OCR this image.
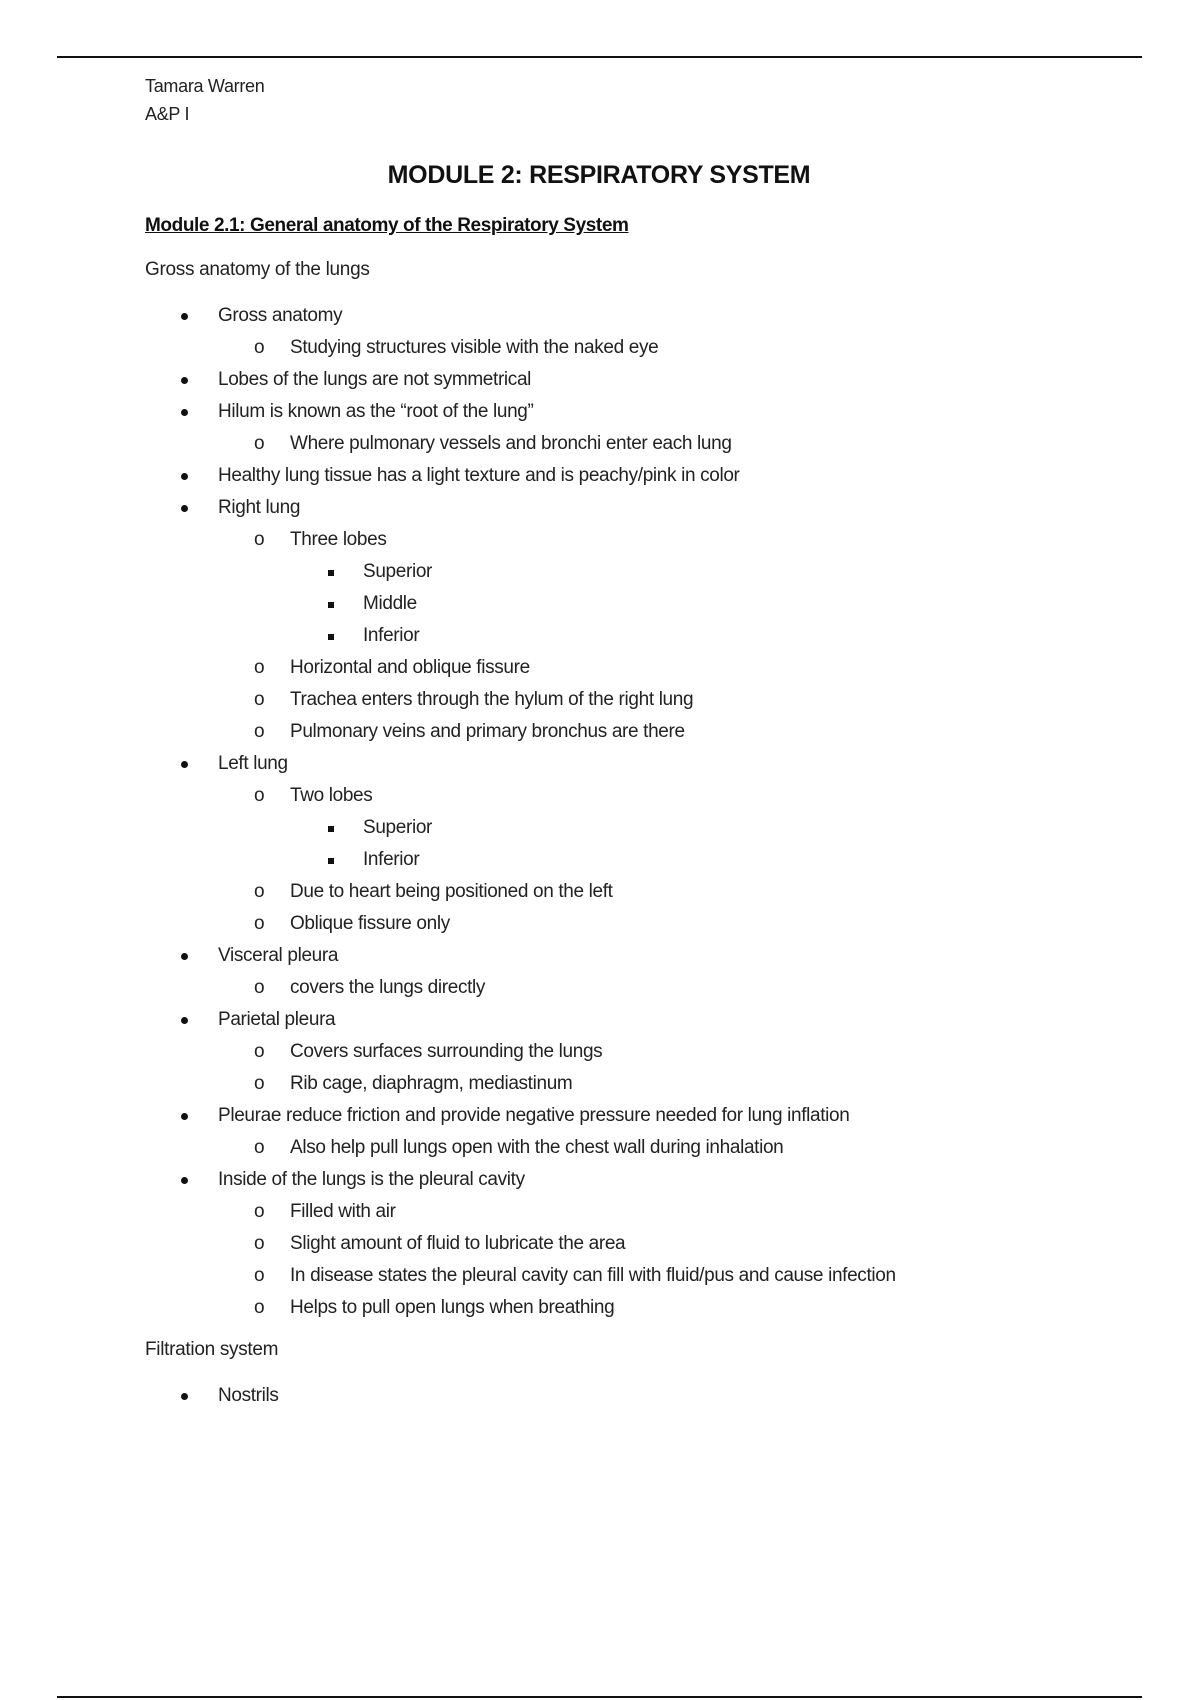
Tamara Warren
A&P I
MODULE 2: RESPIRATORY SYSTEM
Module 2.1: General anatomy of the Respiratory System
Gross anatomy of the lungs
Gross anatomy
o Studying structures visible with the naked eye
Lobes of the lungs are not symmetrical
Hilum is known as the “root of the lung”
o Where pulmonary vessels and bronchi enter each lung
Healthy lung tissue has a light texture and is peachy/pink in color
Right lung
o Three lobes
Superior
Middle
Inferior
o Horizontal and oblique fissure
o Trachea enters through the hylum of the right lung
o Pulmonary veins and primary bronchus are there
Left lung
o Two lobes
Superior
Inferior
o Due to heart being positioned on the left
o Oblique fissure only
Visceral pleura
o covers the lungs directly
Parietal pleura
o Covers surfaces surrounding the lungs
o Rib cage, diaphragm, mediastinum
Pleurae reduce friction and provide negative pressure needed for lung inflation
o Also help pull lungs open with the chest wall during inhalation
Inside of the lungs is the pleural cavity
o Filled with air
o Slight amount of fluid to lubricate the area
o In disease states the pleural cavity can fill with fluid/pus and cause infection
o Helps to pull open lungs when breathing
Filtration system
Nostrils
